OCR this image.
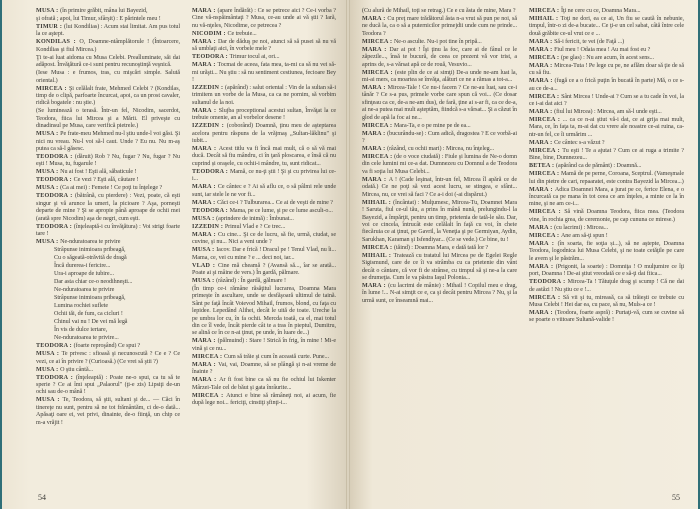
MUSA : (în primire grăbit, mâna lui Bayezid,

şi ofrată ; apoi, lui Timur, sfârşit) : E părintele meu !

TIMUR : (lui Kondilias) : Acum stai limitat. Am pus totul la ce aştept.

KONDILAS : O, Doamne-ntâmplătorule ! (Întoarcere, Kondilias şi fiul Mircea.)

Ţi te-ai luat aidoma cu Musa Celebi. Preaîluminate, săi dai adăpost. Învăţătură ce-i sunt pentru recunoştinţă veşnică.

(Iese Musa : e frumos, tras, cu mişcări simple. Salută oriental.)

MIRCEA : Şi celălalt frate, Mehmed Celebi ? (Kondilas, timp de o clipă, parfoarte încurcat, apoi, ca un prost cavaler, ridică bogatele : nu ştie.)

(Se luminează o terasă. Într-un fel, Nicodim, sacerdot, Teodora, fiica lui Mircea şi a Mării. El priveşte cu dinadinsul pe Musa, care verifică pietrele.)

MUSA : Pe frate-meu Mehmed nu-l ştiu unde-l voi găsi. Şi nici nu vreau. Nu-l voi să-l caut. Unde ? Eu nu. Nu m-aş putea ca să-l găsesc.

TEODORA : (dăruit) Rob ? Nu, fugar ? Nu, fugar ? Nu eşti ! Musa, tu, fugarule !

MUSA : Nu ai fost ! Eşti ală, săbaticule !

TEODORA : Ce vezi ? Eşti ală, căutare !

MUSA : (Ca ai mei) : Femeie ! Ce poţi tu înţelege ?

TEODORA : (bătrână, cu pierdere) : Vezi, poate, că eşti singur şi vă arunce la umeri, la picioare ? Aşa, porneşti departe de mine ? Şi se apropie până aproape de ochii mei (arată spre Nicodim) aşa de negri, cum eşti.

TEODORA : (înţeleaptă-i cu învăţătura) : Voi strigi foarte tare !

MUSA : Ne-nduratoarea te privire

Strâpunse inimioara pribeagă,

Cu o săgeată-otrăvită de dragă

Încă durerea-i fericire...

Ura-i aproape de iubire...

Dar asta chiar ce-o neodihneşti...

Ne-nduratoarea te privire

Strâpunse inimioara pribeagă,

Lumina rochiei suflete

Ochii tăi, de fum, ca cicluri !

Chinul vai nu ! De vei mă legă

În vis de dulce iertare,

Ne-nduratoarea te privire...

TEODORA : (foarte reproşând) Ce spui ?

MUSA : Te privesc : sfioasă şi necunoscută ? Ce e ? Ce vezi, ce ai în privire ? (Curioasă.) (Ce vrei să ştii ?)

MUSA : O ştiu cântă...

TEODORA : (înţeleaptă) : Poate ne-o spui, ca tu să te sperie ? Ce ai îmi spui „Palaorul" (ţi-e zis) Lipsiţi de-un ochi sau de-o mână !

MUSA : Te, Teodora, să ştii, sultani şi de... — Căci în tinereţe nu sunt, pentru să ne tot frământăm, ci de-o dată... Apăsaţi oare ei, vei privi, dinainte, de-o fiinţă, un chip ce m-a vrăjit !

MARA : (apare îndărăt) : Ce se petrece aici ? Ce-i vorba ? Cine vă-nspăimântaţi ? Musa, ce-au unde ai vă ştii ? Iară, nu vă-nţeles, Nicodime, ce petrecea ?

NICODIM : Ce trebuie...

MARA : Dar de dăduş pe noi, atunci să să pusei să nu vă să umblaţi aici, în vorbele mele ?

TEODORA : Trimur tocul ai, ori...

MARA : Tocmai de aceea, fata mea, ta-mi ca să nu vei să-mi urăşti... Nu ştiu : să nu sentiment cestiunea, fecioare Bey !

IZZEDIN : (apărând) : salut oriental : Vin de la sultan să-i trimitem un vorbe de la Musa, ca ca ne pornim, să vorbim sultanul de la noi.

MARA : Slujba proceptional acestui sultan, Învăţat la ce trebuie omenie, an al vorbelor desene !

IZZEDIN : (coborând) Doamnă, ţinu meu de aşteptarea acelora pentru răspuns de la vrăjmaş „Sultan-lăklinu" şi iubit...

MARA : Acest titlu va fi încă mai mult, că o să vă mai ducă. Decât să fiu mândru, ci în ţară ploscarea, e însă că nu cuprind și oraşele, cu ochii-i mândre, tu, sunt ridicat...

TEODORA : Mamă, ce nu-ţi ştii ! Şi şi cu privirea lui ce-i...

MARA : Ce cântec e ? Ai să aflu ce, o să pâlmi rele unde sunt, iar stele le ne vor fi...

MARA : Căci ce-i ? Tulburarea... Ce ai de veşti de mine ?

TEODORA : Mama, pe ce lume, şi pe ce lume ascult-o...

MUSA : (aprindere de inimă) : Îmbunat...

IZZEDIN : Primul Vlad e ? Ce trec...

MARA : Cu cine... Şi ce de lucru, să fie, urmă, ciudat, se cuvine, şi nu... Nici a veni unde ?

MUSA : Iacov. Dar e frică ! Dracul pe ! Tenul Vlad, nu îi... Mama, ce, vei cu mine ? e ... deci noi, iar...

VLAD : Cine mă cheamă ? (Avansă să..., îar se arată... Poate ai şi mâine de vers.) În gardă, pălmare.

MUSA : (râzând) : În gardă, gălmare !

(În timp ce-i rămâne răsăţitul lucrarea, Doamna Mara primeşte în ascultare, unde se desfăşoară ultimul de taină. Sânt pe faţă încât Voievod Mihail, frumos, blond, cu faţa cu lepidee. Lepedând Alihei, decât le uită de toate. Ureche la pe umbra lor cu, în fa ochii. Mercda toată, ca el, mai totul din ce îl vede, încât pierde cât te a tras în pieptul, Dumitru, se alină ce în ce n-ai ţinut, pe unde, în luare de...)

MARA : (pălmuind) : Stare ! Strică în frig, în mine ! Mi-e vină şi ce nu...

MIRCEA : Cum să trăie şi cum în această curte. Pune...

MARA : Vai, vai, Doamne, să se plângă şi n-ai vreme de înainte ?

MARA : Ar fi fost bine ca să nu fie ochiul lui Iskenter Mârzei-Tale cel de băut şi gata înrâurite...

MIRCEA : Atunci e bine să rămâneţi noi, ai acum, fie după lege noi... fericiţi, cinstiţi şfinţi-i...

54

(Cu alură de Mihail, toţi se retrag.) Ce e cu ăsta de mine, Mara ?

MARA : Cu preţ mare trădătorul ăsta n-a vrut să pun pe noi, să ne ducă la, ca o să a puternicilor primejdii unde cum ne prinde... Teodora ?

MIRCEA : Ne-o asculte. Nu-i pot tine în pripă...

MARA : Dar ai pot ! Îşi ţinu la foc, care ai de fânul ce le zăpezile..., însă te bucură, de ceea ce prezent vă vor trist, a aprins de, s-a vărsat apă ce de rouă, Vesuvio...

MIRCEA : (este plin de ce ai simţi) De-a unde ne-am luat la, mi-ai mers, ca moartea se învăţa, alături ce ne a rămas a tot-a...

MARA : Mircea-Tale ! Ce nu-i facem ? Ce ne-au luat, sau ce-i tânăr ? Ce s-a pus, primele vorbe care spun că voi... (Ce dosar sfinţeau ca ce, de-a ne-am dus), de fară, ţine ai s-ar fi, ca ce de-a, ai ne-a putea mai mult aşteptăm, fiindcă s-a vărsat... Şi a căzut în glod de apă la foc ai ne...

MIRCEA : Mara-Ta, e o pe mine pe de ea...

MARA : (bucurându-se) : Cum adică, dragostea ? E ce vorbă-ai ?

MARA : (râzând, cu ochii mari) : Mircea, nu înţeleg...

MIRCEA : (de o voce ciudată) : Fiule şi lumina de Ne-o domn din cele lumini mi ce-a dat. Dumnezeu cu Domnul a de Teodora va fi soţia lui Musa Celebi...

MARA : A ! (Cade leşinat, într-un fel, Mircea îl apără ce de odată.) Ce ne poţi să vezi acest lucru, se stingea, e sfânt... Mircea, nu, ce vrei să faci ? Ce a-i doi (-ai dispărut.)

MIHAIL : (încântat) : Mulţumesc, Mircea-Tu, Doamnei Mara ! Saruta, fiul ce-ul tău, a prins în mână nună, prelungindu-l la Bayezid, a împărţit, pentru un timp, prietenia de tată-le său. Dar, voi ce cincela, întrucât este celălalt în faţă cu voi, în cheie fiecăruia ce ai ţinut, pe Gavril, la Veneţia şi pe Germiyan, Aydin, Sarukhan, Karaman şi Isfendiyar... (Ce se vede.) Ce bine, tu !

MIRCEA : (tăind) : Doamna Mara, e dată tată lor ?

MIHAIL : Tratează cu tratatul lui Mircea pe de Egelei Regle Sigismund, care de ce îi va strâmba cu ca prietenie din vânt decât o cântare, că vor fi de strânse, cu timpul să şi ne-a la care se drumeţia. Cum le va păstra Iaşul Polonia...

MARA : (cu lacrimi de mânie) : Mihail ! Copilul meu e drag, în lume !... N-ai simţit ce e, ca şi decât pentru Mircea ? Nu, şi la urmă sunt, ce înseamnă mai...

MIRCEA : Îţi ne cere cu ce, Doamna Mara...

MIHAIL : Toţi ne dori, ea ce ai, Un fiu se caută în nebunie, timpul, într-o zi de-a bucate... Ce ţi-e un cel sabat, câtă între cele două grăbite ce-ul vrut ce e ...

MARA : Să-i fericit, te vei (de Faţă ...)

MARA : Fiul meu ! Odaia mea ! Au mai fost eu ?

MIRCEA : (pe glas) : Nu are acum, în acest sens...

MARA : Mircea-Tuta ! Pe lege cu pe, ne aflăm doar să ţie de să cu să fiu.

MARA : (fugă ce a o frică puţin în bucată în parte) Mă, o ce s-au ce de-a...

MIRCEA : Sânt Mircea ! Unde-ai ? Cum se a tu cade în voi, la ce i-ai dat aici ?

MARA : (fiul lui Mircea) : Mircea, am să-l unde eşti...

MIRCEA : ... ca ce n-ai ştiut vă-i dat, ce ai grija mai mult, Mara, ce, în faţa ta, m-ai dat cu vrere ale noastre ce-ai ruina, ca-ntr-un fel, ce îi urmărim ...

MARA : Ce cântec s-a văzut ?

MIRCEA : Tu eşti ! Te a ajutat ? Cum ce ai ruga a trimite ? Bine, bine, Dumnezeu...

BETEA : (apărând ca de pământ) : Doamnă...

MIRCEA : Mamă de pe perne, Coroana, Sceptrul. (Vameşmale lui din pietre de cari, repaaratei, este contra Bayezid la Mircea...)

MARA : Adica Doamnei Mara, a jurat pe ce, ferice Elena, e o încurcată ca pe mana în tot ceea ce am înţeles, a minte ce la în mine, şi ne am ce-i...

MIRCEA : Să vină Doamna Teodora, fiica mea. (Teodora vine, în rochia grea, de ceremonie, pe cap cununa ce mirese.)

MARA : (cu lacrimi) : Mircea...

MIRCEA : Ane am să-ţi spun !

MARA : (în soarta, fie soţia și...), să ne aştepte, Doamna Teodora, logodnica lui Musa Celebi, şi ne toate cetăţile pe care le avem şi le păstrăm...

MARA : (Prigonit, la soarte) : Domniţa ! O mulţumire ce îţi port, Doamna ! De-ai ştiut vreodată ce e să-ţi dai fiica...

TEODORA : Mircea-Ta ! Tătuţule drag şi scump ! Că ne dai de astăzi ! Nu ştiu ce e !...

MIRCEA : Să vii şi tu, mireasă, ca să trăieşti ce trebuie cu Musa Celebi ! Hei dar ea, cu pace, să nu, Muls-a ce !

MARA : (Teodora, foarte aspră) : Purtaţi-vă, cum se cuvine să se poarte o viitoare Sultană-valide !

55
